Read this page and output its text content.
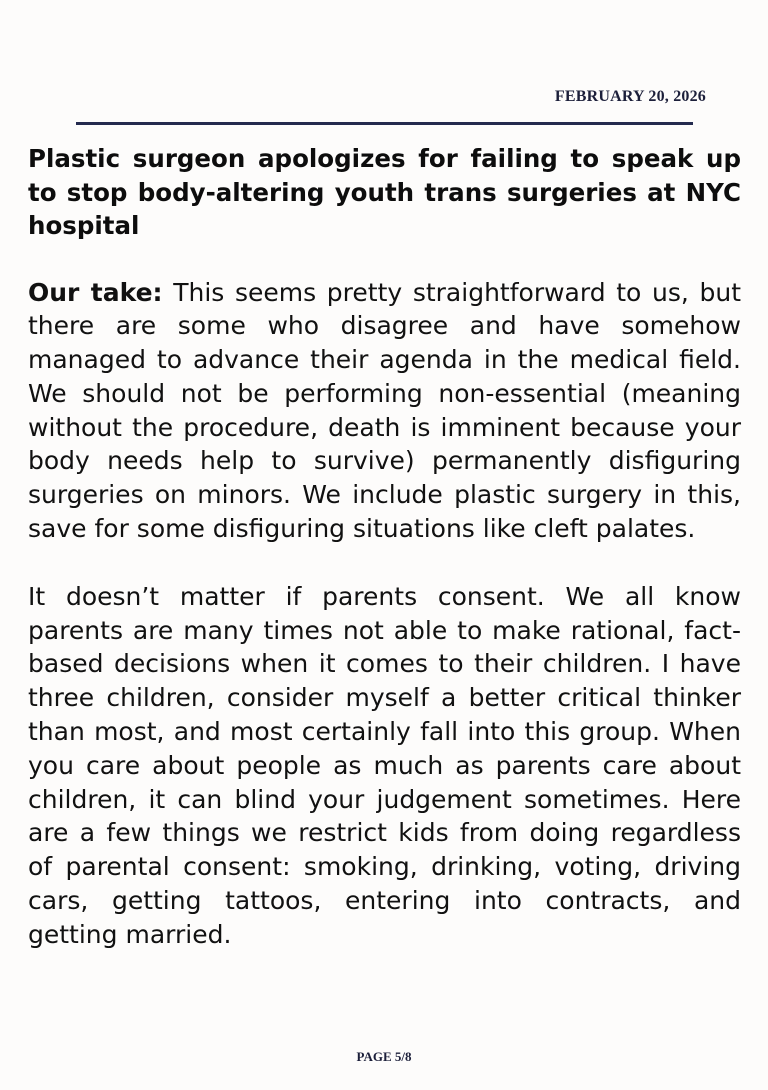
FEBRUARY 20, 2026
Plastic surgeon apologizes for failing to speak up to stop body-altering youth trans surgeries at NYC hospital

Our take: This seems pretty straightforward to us, but there are some who disagree and have somehow managed to advance their agenda in the medical field. We should not be performing non-essential (meaning without the procedure, death is imminent because your body needs help to survive) permanently disfiguring surgeries on minors. We include plastic surgery in this, save for some disfiguring situations like cleft palates.

It doesn’t matter if parents consent. We all know parents are many times not able to make rational, fact-based decisions when it comes to their children. I have three children, consider myself a better critical thinker than most, and most certainly fall into this group. When you care about people as much as parents care about children, it can blind your judgement sometimes. Here are a few things we restrict kids from doing regardless of parental consent: smoking, drinking, voting, driving cars, getting tattoos, entering into contracts, and getting married.

PAGE 5/8
